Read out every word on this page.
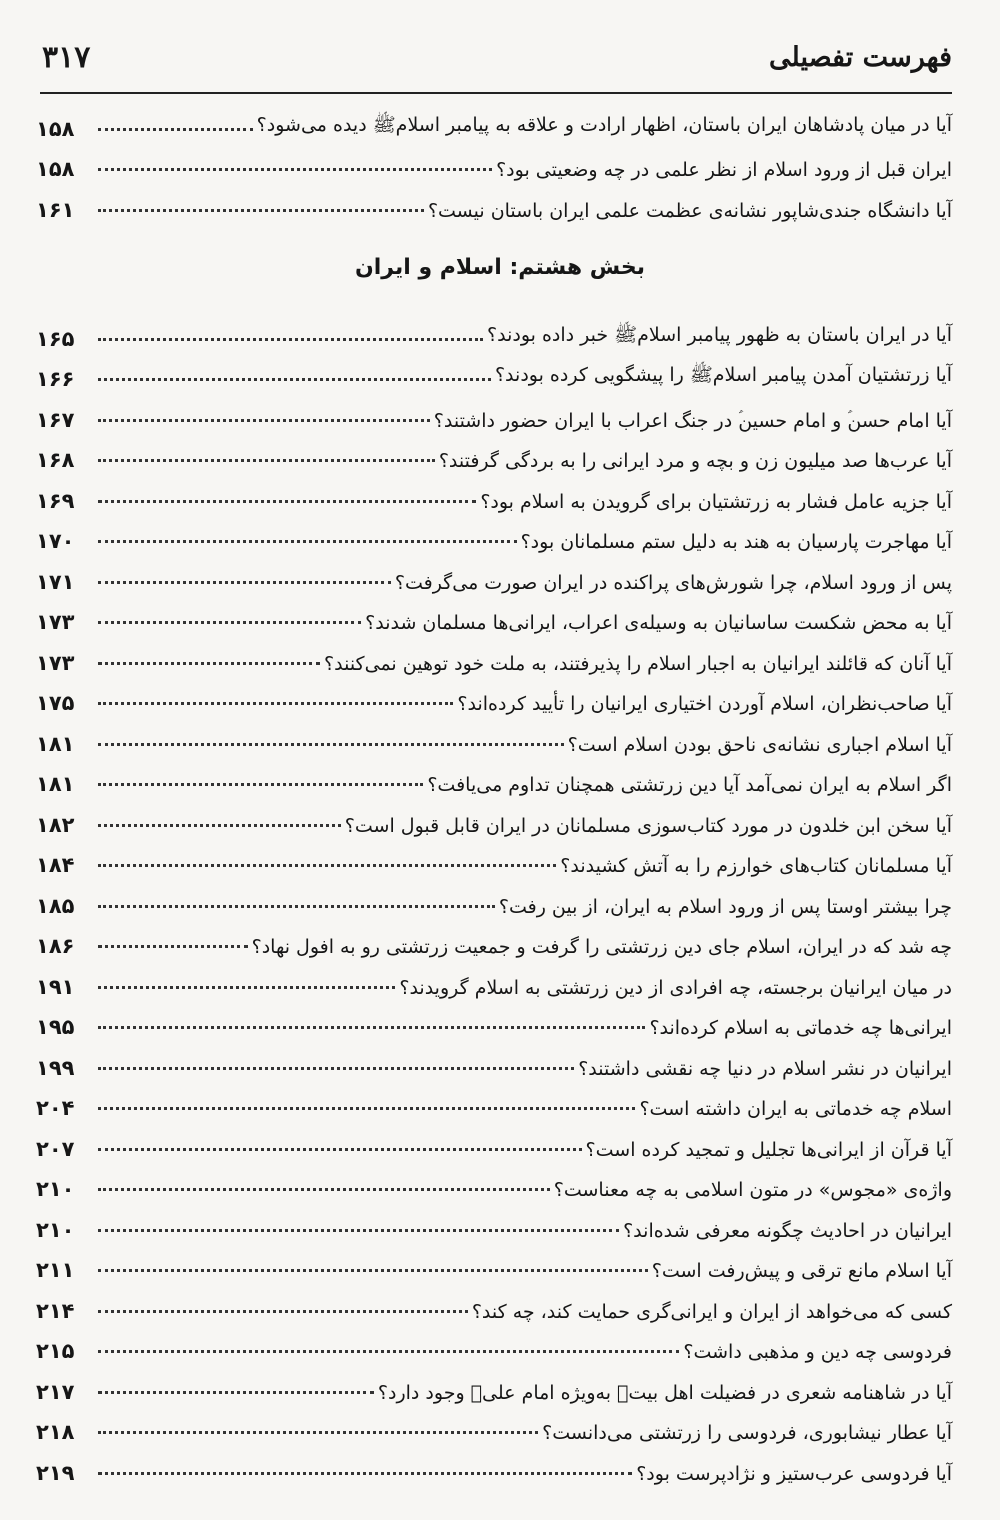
فهرست تفصیلی
۳۱۷
آیا در میان پادشاهان ایران باستان، اظهار ارادت و علاقه به پیامبر اسلامﷺ دیده می‌شود؟
۱۵۸
ایران قبل از ورود اسلام از نظر علمی در چه وضعیتی بود؟
۱۵۸
آیا دانشگاه جندی‌شاپور نشانه‌ی عظمت علمی ایران باستان نیست؟
۱۶۱
بخش هشتم: اسلام و ایران
آیا در ایران باستان به ظهور پیامبر اسلامﷺ خبر داده بودند؟
۱۶۵
آیا زرتشتیان آمدن پیامبر اسلامﷺ را پیشگویی کرده بودند؟
۱۶۶
آیا امام حسن‌ؑ و امام حسین‌ؑ در جنگ اعراب با ایران حضور داشتند؟
۱۶۷
آیا عرب‌ها صد میلیون زن و بچه و مرد ایرانی را به بردگی گرفتند؟
۱۶۸
آیا جزیه عامل فشار به زرتشتیان برای گرویدن به اسلام بود؟
۱۶۹
آیا مهاجرت پارسیان به هند به دلیل ستم مسلمانان بود؟
۱۷۰
پس از ورود اسلام، چرا شورش‌های پراکنده در ایران صورت می‌گرفت؟
۱۷۱
آیا به محض شکست ساسانیان به وسیله‌ی اعراب، ایرانی‌ها مسلمان شدند؟
۱۷۳
آیا آنان که قائلند ایرانیان به اجبار اسلام را پذیرفتند، به ملت خود توهین نمی‌کنند؟
۱۷۳
آیا صاحب‌نظران، اسلام آوردن اختیاری ایرانیان را تأیید کرده‌اند؟
۱۷۵
آیا اسلام اجباری نشانه‌ی ناحق بودن اسلام است؟
۱۸۱
اگر اسلام به ایران نمی‌آمد آیا دین زرتشتی همچنان تداوم می‌یافت؟
۱۸۱
آیا سخن ابن خلدون در مورد کتاب‌سوزی مسلمانان در ایران قابل قبول است؟
۱۸۲
آیا مسلمانان کتاب‌های خوارزم را به آتش کشیدند؟
۱۸۴
چرا بیشتر اوستا پس از ورود اسلام به ایران، از بین رفت؟
۱۸۵
چه شد که در ایران، اسلام جای دین زرتشتی را گرفت و جمعیت زرتشتی رو به افول نهاد؟
۱۸۶
در میان ایرانیان برجسته، چه افرادی از دین زرتشتی به اسلام گرویدند؟
۱۹۱
ایرانی‌ها چه خدماتی به اسلام کرده‌اند؟
۱۹۵
ایرانیان در نشر اسلام در دنیا چه نقشی داشتند؟
۱۹۹
اسلام چه خدماتی به ایران داشته است؟
۲۰۴
آیا قرآن از ایرانی‌ها تجلیل و تمجید کرده است؟
۲۰۷
واژه‌ی «مجوس» در متون اسلامی به چه معناست؟
۲۱۰
ایرانیان در احادیث چگونه معرفی شده‌اند؟
۲۱۰
آیا اسلام مانع ترقی و پیش‌رفت است؟
۲۱۱
کسی که می‌خواهد از ایران و ایرانی‌گری حمایت کند، چه کند؟
۲۱۴
فردوسی چه دین و مذهبی داشت؟
۲۱۵
آیا در شاهنامه شعری در فضیلت اهل بیتؑ به‌ویژه امام علیؑ وجود دارد؟
۲۱۷
آیا عطار نیشابوری، فردوسی را زرتشتی می‌دانست؟
۲۱۸
آیا فردوسی عرب‌ستیز و نژادپرست بود؟
۲۱۹
